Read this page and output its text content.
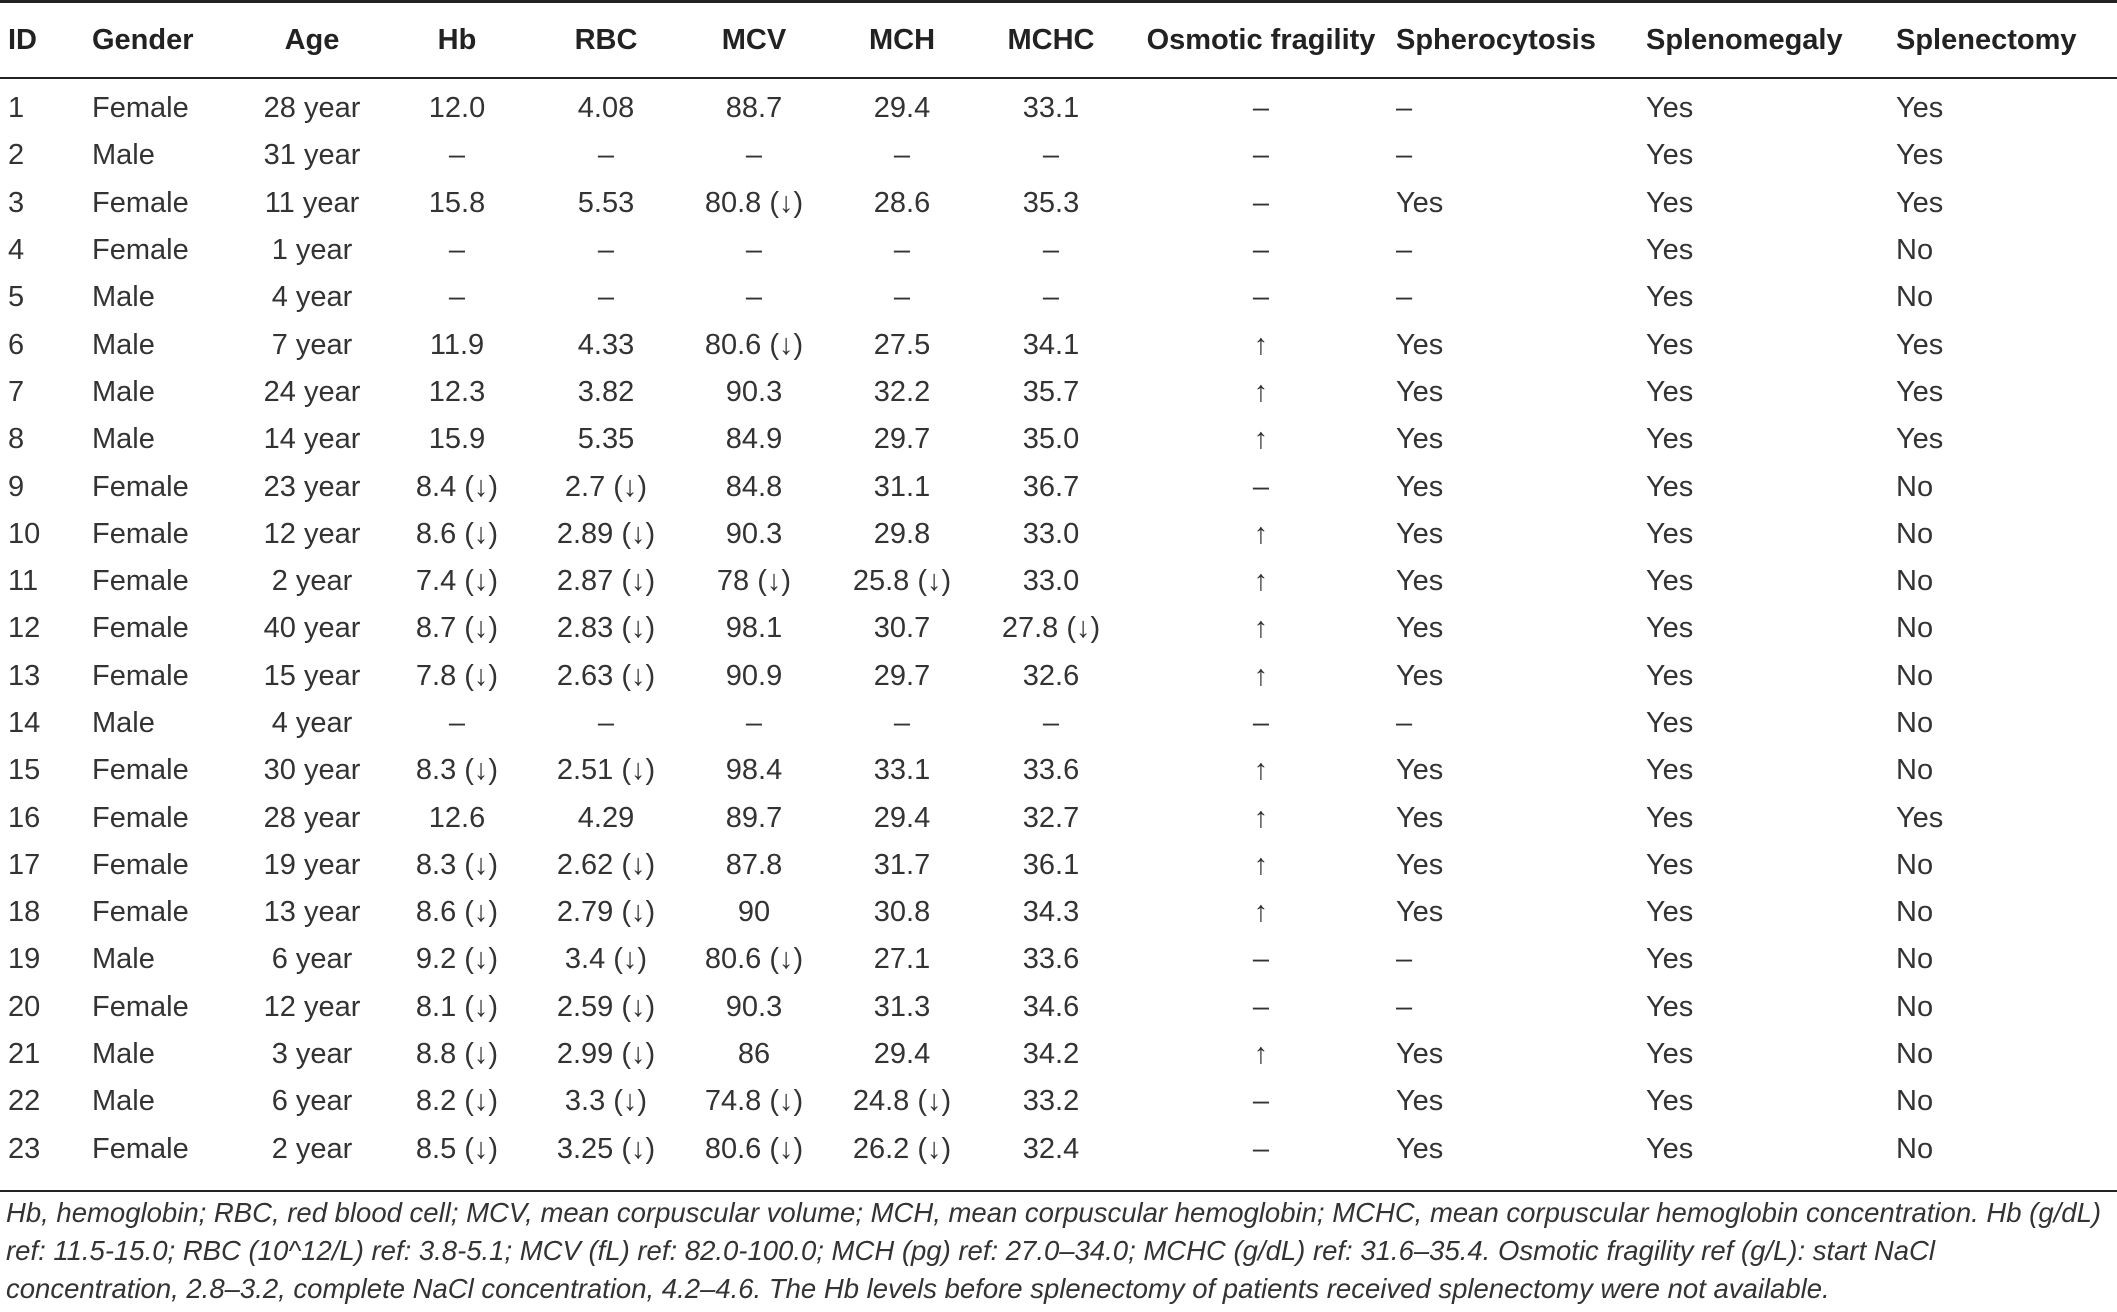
ID	Gender	Age	Hb	RBC	MCV	MCH	MCHC	Osmotic fragility	Spherocytosis	Splenomegaly	Splenectomy
1	Female	28 year	12.0	4.08	88.7	29.4	33.1	–	–	Yes	Yes
2	Male	31 year	–	–	–	–	–	–	–	Yes	Yes
3	Female	11 year	15.8	5.53	80.8 (↓)	28.6	35.3	–	Yes	Yes	Yes
4	Female	1 year	–	–	–	–	–	–	–	Yes	No
5	Male	4 year	–	–	–	–	–	–	–	Yes	No
6	Male	7 year	11.9	4.33	80.6 (↓)	27.5	34.1	↑	Yes	Yes	Yes
7	Male	24 year	12.3	3.82	90.3	32.2	35.7	↑	Yes	Yes	Yes
8	Male	14 year	15.9	5.35	84.9	29.7	35.0	↑	Yes	Yes	Yes
9	Female	23 year	8.4 (↓)	2.7 (↓)	84.8	31.1	36.7	–	Yes	Yes	No
10	Female	12 year	8.6 (↓)	2.89 (↓)	90.3	29.8	33.0	↑	Yes	Yes	No
11	Female	2 year	7.4 (↓)	2.87 (↓)	78 (↓)	25.8 (↓)	33.0	↑	Yes	Yes	No
12	Female	40 year	8.7 (↓)	2.83 (↓)	98.1	30.7	27.8 (↓)	↑	Yes	Yes	No
13	Female	15 year	7.8 (↓)	2.63 (↓)	90.9	29.7	32.6	↑	Yes	Yes	No
14	Male	4 year	–	–	–	–	–	–	–	Yes	No
15	Female	30 year	8.3 (↓)	2.51 (↓)	98.4	33.1	33.6	↑	Yes	Yes	No
16	Female	28 year	12.6	4.29	89.7	29.4	32.7	↑	Yes	Yes	Yes
17	Female	19 year	8.3 (↓)	2.62 (↓)	87.8	31.7	36.1	↑	Yes	Yes	No
18	Female	13 year	8.6 (↓)	2.79 (↓)	90	30.8	34.3	↑	Yes	Yes	No
19	Male	6 year	9.2 (↓)	3.4 (↓)	80.6 (↓)	27.1	33.6	–	–	Yes	No
20	Female	12 year	8.1 (↓)	2.59 (↓)	90.3	31.3	34.6	–	–	Yes	No
21	Male	3 year	8.8 (↓)	2.99 (↓)	86	29.4	34.2	↑	Yes	Yes	No
22	Male	6 year	8.2 (↓)	3.3 (↓)	74.8 (↓)	24.8 (↓)	33.2	–	Yes	Yes	No
23	Female	2 year	8.5 (↓)	3.25 (↓)	80.6 (↓)	26.2 (↓)	32.4	–	Yes	Yes	No
Hb, hemoglobin; RBC, red blood cell; MCV, mean corpuscular volume; MCH, mean corpuscular hemoglobin; MCHC, mean corpuscular hemoglobin concentration. Hb (g/dL) ref: 11.5-15.0; RBC (10^12/L) ref: 3.8-5.1; MCV (fL) ref: 82.0-100.0; MCH (pg) ref: 27.0–34.0; MCHC (g/dL) ref: 31.6–35.4. Osmotic fragility ref (g/L): start NaCl concentration, 2.8–3.2, complete NaCl concentration, 4.2–4.6. The Hb levels before splenectomy of patients received splenectomy were not available.
